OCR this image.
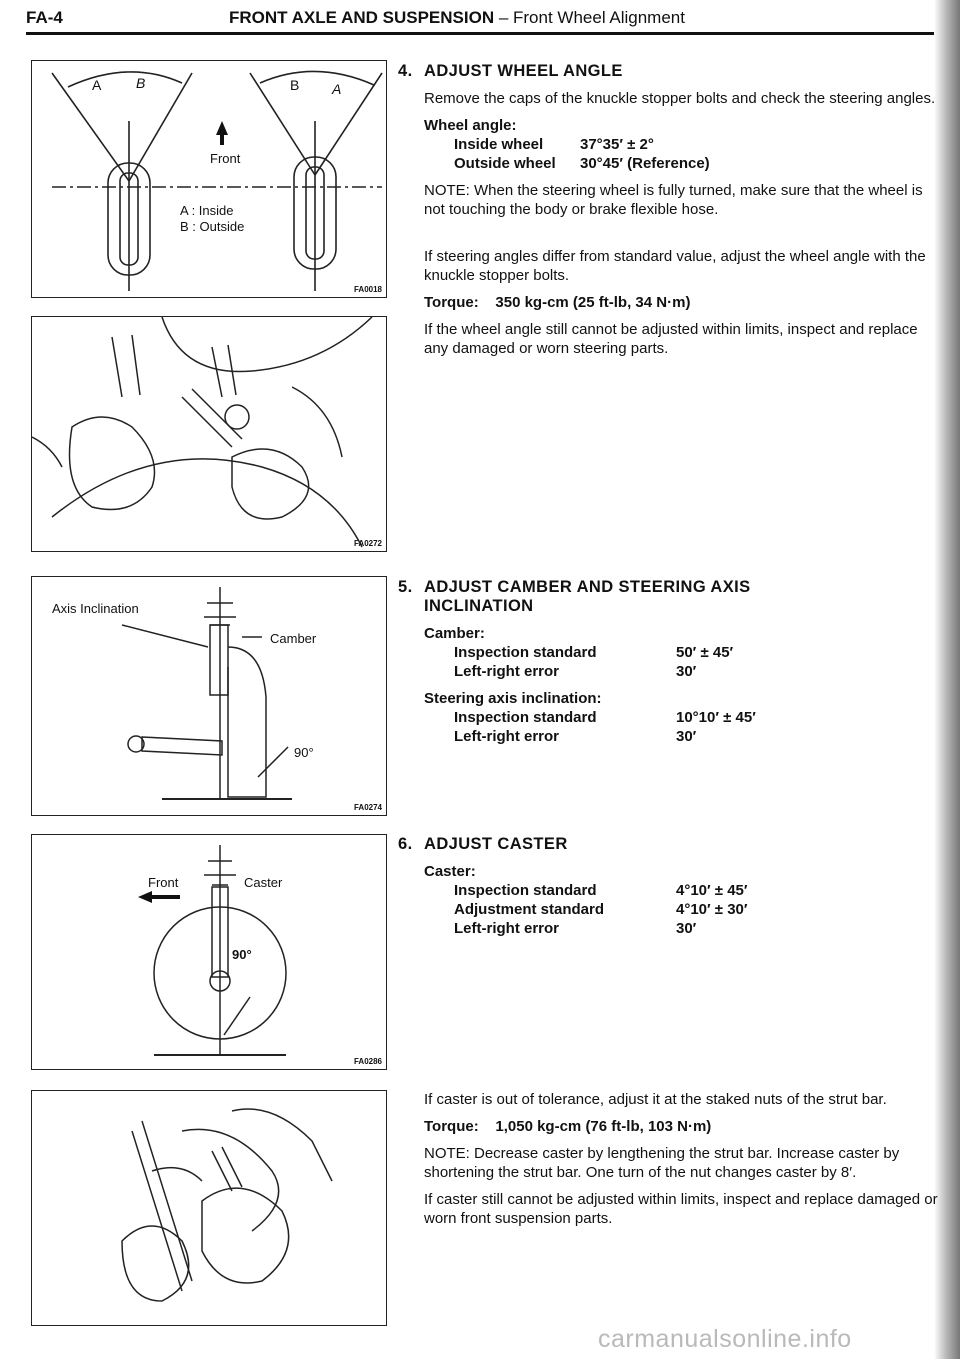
FA-4	FRONT AXLE AND SUSPENSION – Front Wheel Alignment
A B	B A
Front
A : Inside
B : Outside
FA0018
FA0272
Axis Inclination
Camber
90°
FA0274
Front	Caster
90°
FA0286
4. ADJUST WHEEL ANGLE
Remove the caps of the knuckle stopper bolts and check the steering angles.
Wheel angle:
Inside wheel	37°35′ ± 2°
Outside wheel	30°45′ (Reference)
NOTE: When the steering wheel is fully turned, make sure that the wheel is not touching the body or brake flexible hose.
If steering angles differ from standard value, adjust the wheel angle with the knuckle stopper bolts.
Torque: 350 kg-cm (25 ft-lb, 34 N·m)
If the wheel angle still cannot be adjusted within limits, inspect and replace any damaged or worn steering parts.
5. ADJUST CAMBER AND STEERING AXIS
INCLINATION
Camber:
Inspection standard	50′ ± 45′
Left-right error	30′
Steering axis inclination:
Inspection standard	10°10′ ± 45′
Left-right error	30′
6. ADJUST CASTER
Caster:
Inspection standard	4°10′ ± 45′
Adjustment standard	4°10′ ± 30′
Left-right error	30′
If caster is out of tolerance, adjust it at the staked nuts of the strut bar.
Torque: 1,050 kg-cm (76 ft-lb, 103 N·m)
NOTE: Decrease caster by lengthening the strut bar. Increase caster by shortening the strut bar. One turn of the nut changes caster by 8′.
If caster still cannot be adjusted within limits, inspect and replace damaged or worn front suspension parts.
carmanualsonline.info
